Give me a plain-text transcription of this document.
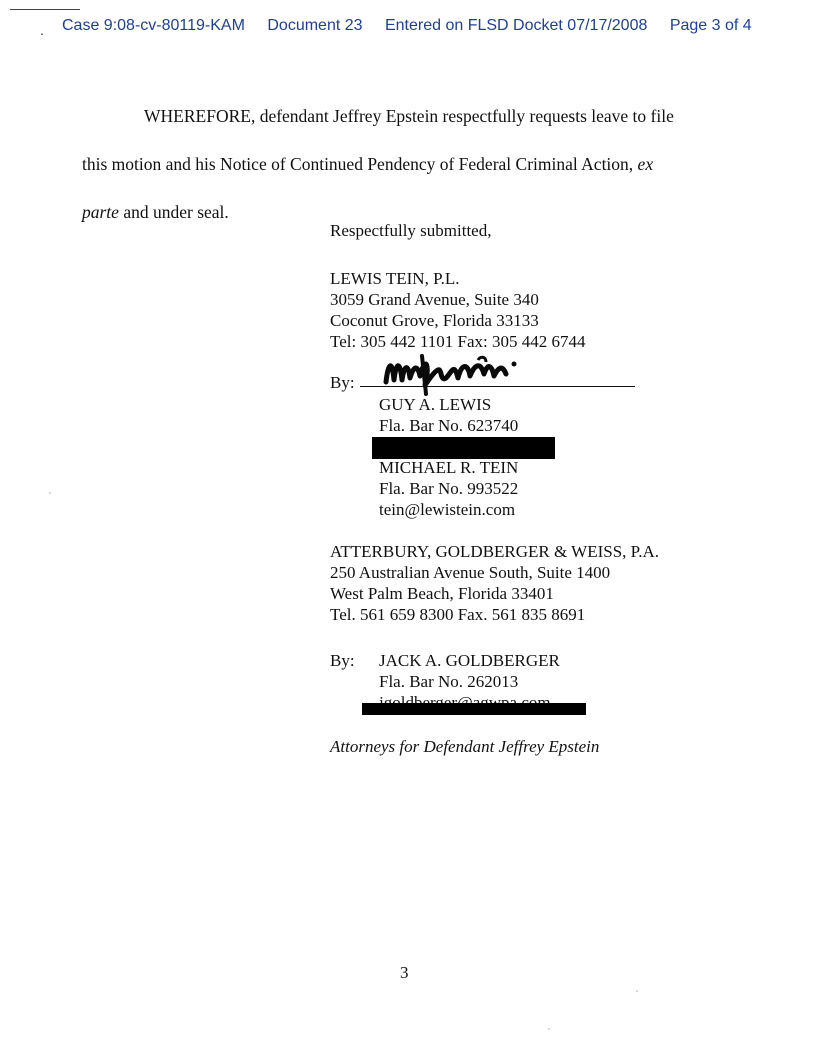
. Case 9:08-cv-80119-KAM Document 23 Entered on FLSD Docket 07/17/2008 Page 3 of 4
WHEREFORE, defendant Jeffrey Epstein respectfully requests leave to file
this motion and his Notice of Continued Pendency of Federal Criminal Action, ex
parte and under seal.
Respectfully submitted,
LEWIS TEIN, P.L.
3059 Grand Avenue, Suite 340
Coconut Grove, Florida 33133
Tel: 305 442 1101 Fax: 305 442 6744
By:
GUY A. LEWIS
Fla. Bar No. 623740
MICHAEL R. TEIN
Fla. Bar No. 993522
tein@lewistein.com
ATTERBURY, GOLDBERGER & WEISS, P.A.
250 Australian Avenue South, Suite 1400
West Palm Beach, Florida 33401
Tel. 561 659 8300 Fax. 561 835 8691
By:	JACK A. GOLDBERGER
Fla. Bar No. 262013
Attorneys for Defendant Jeffrey Epstein
3
